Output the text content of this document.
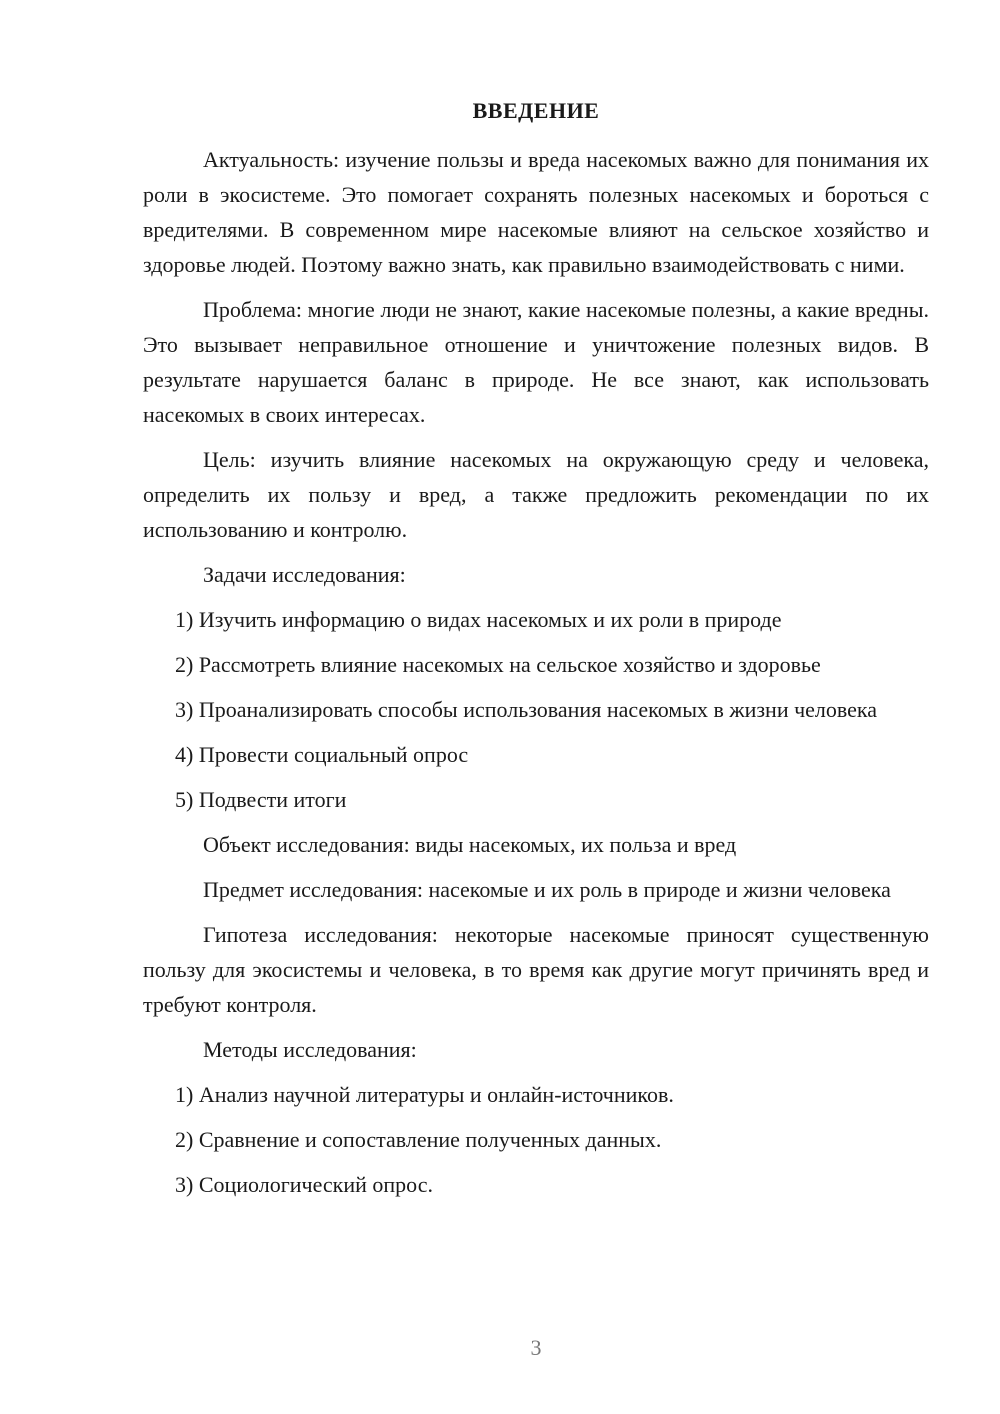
ВВЕДЕНИЕ

Актуальность: изучение пользы и вреда насекомых важно для понимания их роли в экосистеме. Это помогает сохранять полезных насекомых и бороться с вредителями. В современном мире насекомые влияют на сельское хозяйство и здоровье людей. Поэтому важно знать, как правильно взаимодействовать с ними.

Проблема: многие люди не знают, какие насекомые полезны, а какие вредны. Это вызывает неправильное отношение и уничтожение полезных видов. В результате нарушается баланс в природе. Не все знают, как использовать насекомых в своих интересах.

Цель: изучить влияние насекомых на окружающую среду и человека, определить их пользу и вред, а также предложить рекомендации по их использованию и контролю.

Задачи исследования:

1) Изучить информацию о видах насекомых и их роли в природе

2) Рассмотреть влияние насекомых на сельское хозяйство и здоровье

3) Проанализировать способы использования насекомых в жизни человека

4) Провести социальный опрос

5) Подвести итоги

Объект исследования: виды насекомых, их польза и вред

Предмет исследования: насекомые и их роль в природе и жизни человека

Гипотеза исследования: некоторые насекомые приносят существенную пользу для экосистемы и человека, в то время как другие могут причинять вред и требуют контроля.

Методы исследования:

1) Анализ научной литературы и онлайн-источников.

2) Сравнение и сопоставление полученных данных.

3) Социологический опрос.

3
